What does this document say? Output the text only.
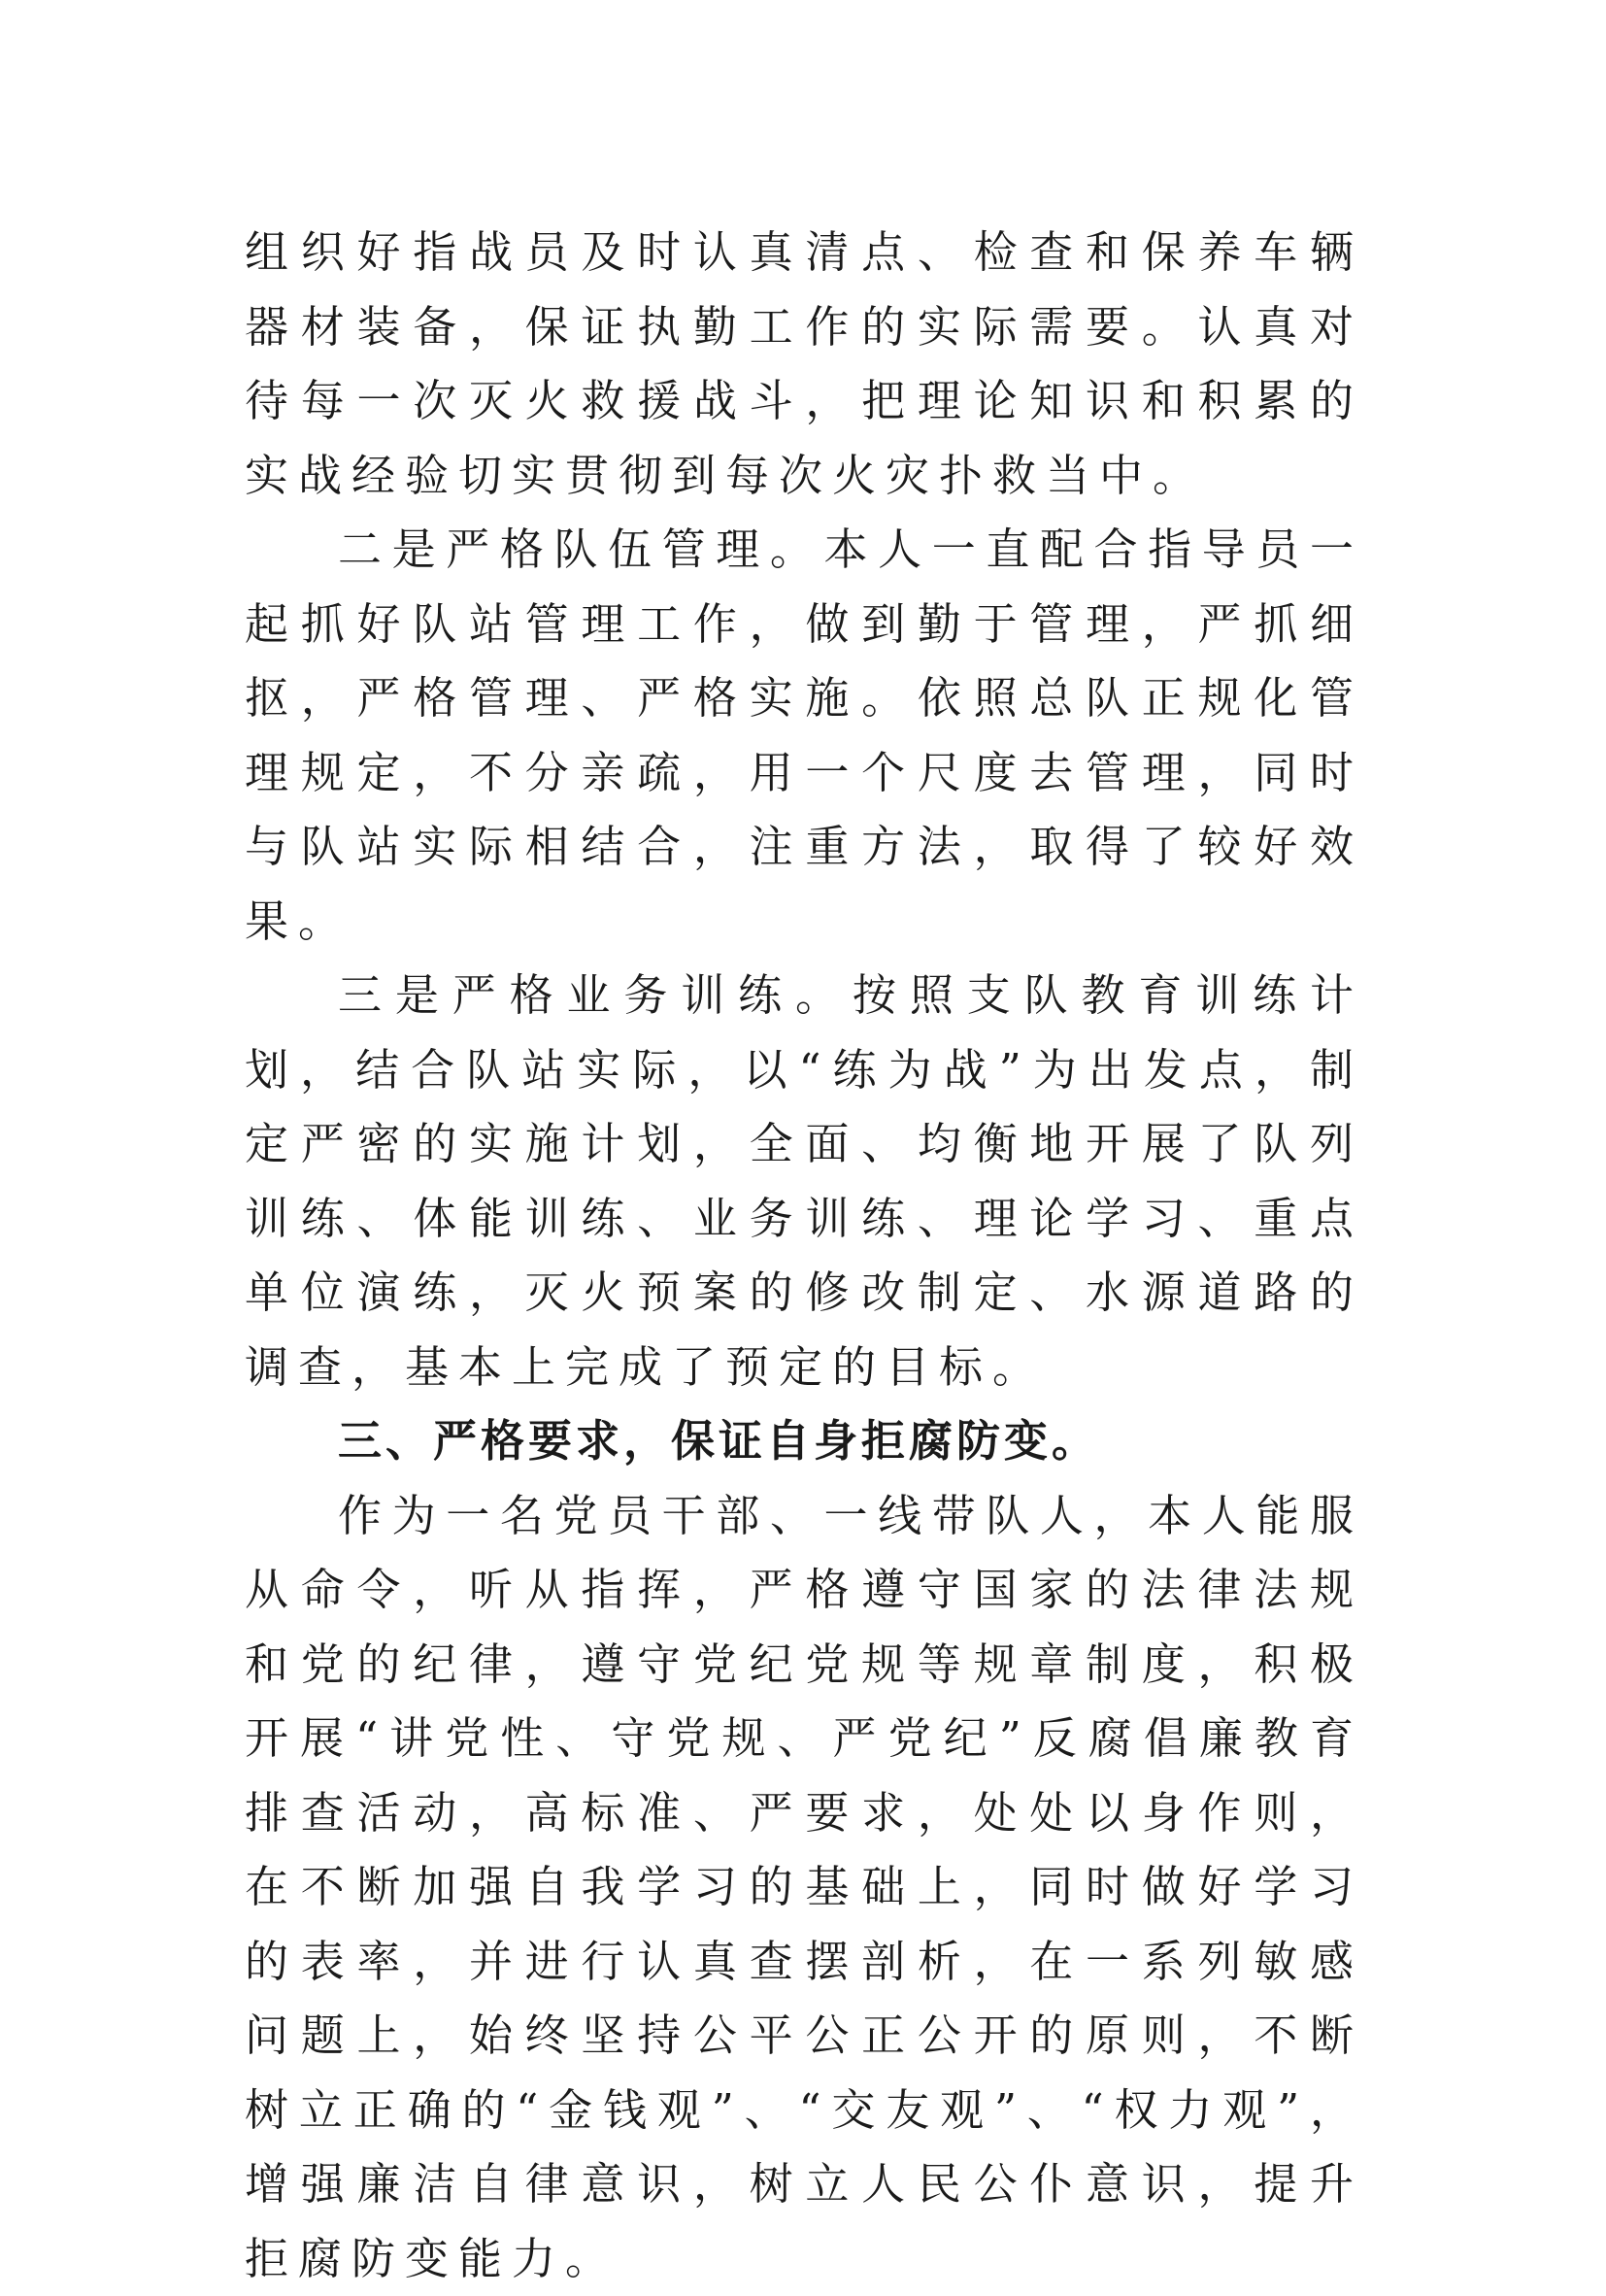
组织好指战员及时认真清点、检查和保养车辆器材装备，保证执勤工作的实际需要。认真对待每一次灭火救援战斗，把理论知识和积累的实战经验切实贯彻到每次火灾扑救当中。

二是严格队伍管理。本人一直配合指导员一起抓好队站管理工作，做到勤于管理，严抓细抠，严格管理、严格实施。依照总队正规化管理规定，不分亲疏，用一个尺度去管理，同时与队站实际相结合，注重方法，取得了较好效果。

三是严格业务训练。按照支队教育训练计划，结合队站实际，以“练为战”为出发点，制定严密的实施计划，全面、均衡地开展了队列训练、体能训练、业务训练、理论学习、重点单位演练，灭火预案的修改制定、水源道路的调查，基本上完成了预定的目标。

三、严格要求，保证自身拒腐防变。

作为一名党员干部、一线带队人，本人能服从命令，听从指挥，严格遵守国家的法律法规和党的纪律，遵守党纪党规等规章制度，积极开展“讲党性、守党规、严党纪”反腐倡廉教育排查活动，高标准、严要求，处处以身作则，在不断加强自我学习的基础上，同时做好学习的表率，并进行认真查摆剖析，在一系列敏感问题上，始终坚持公平公正公开的原则，不断树立正确的“金钱观”、“交友观”、“权力观”，增强廉洁自律意识，树立人民公仆意识，提升拒腐防变能力。
